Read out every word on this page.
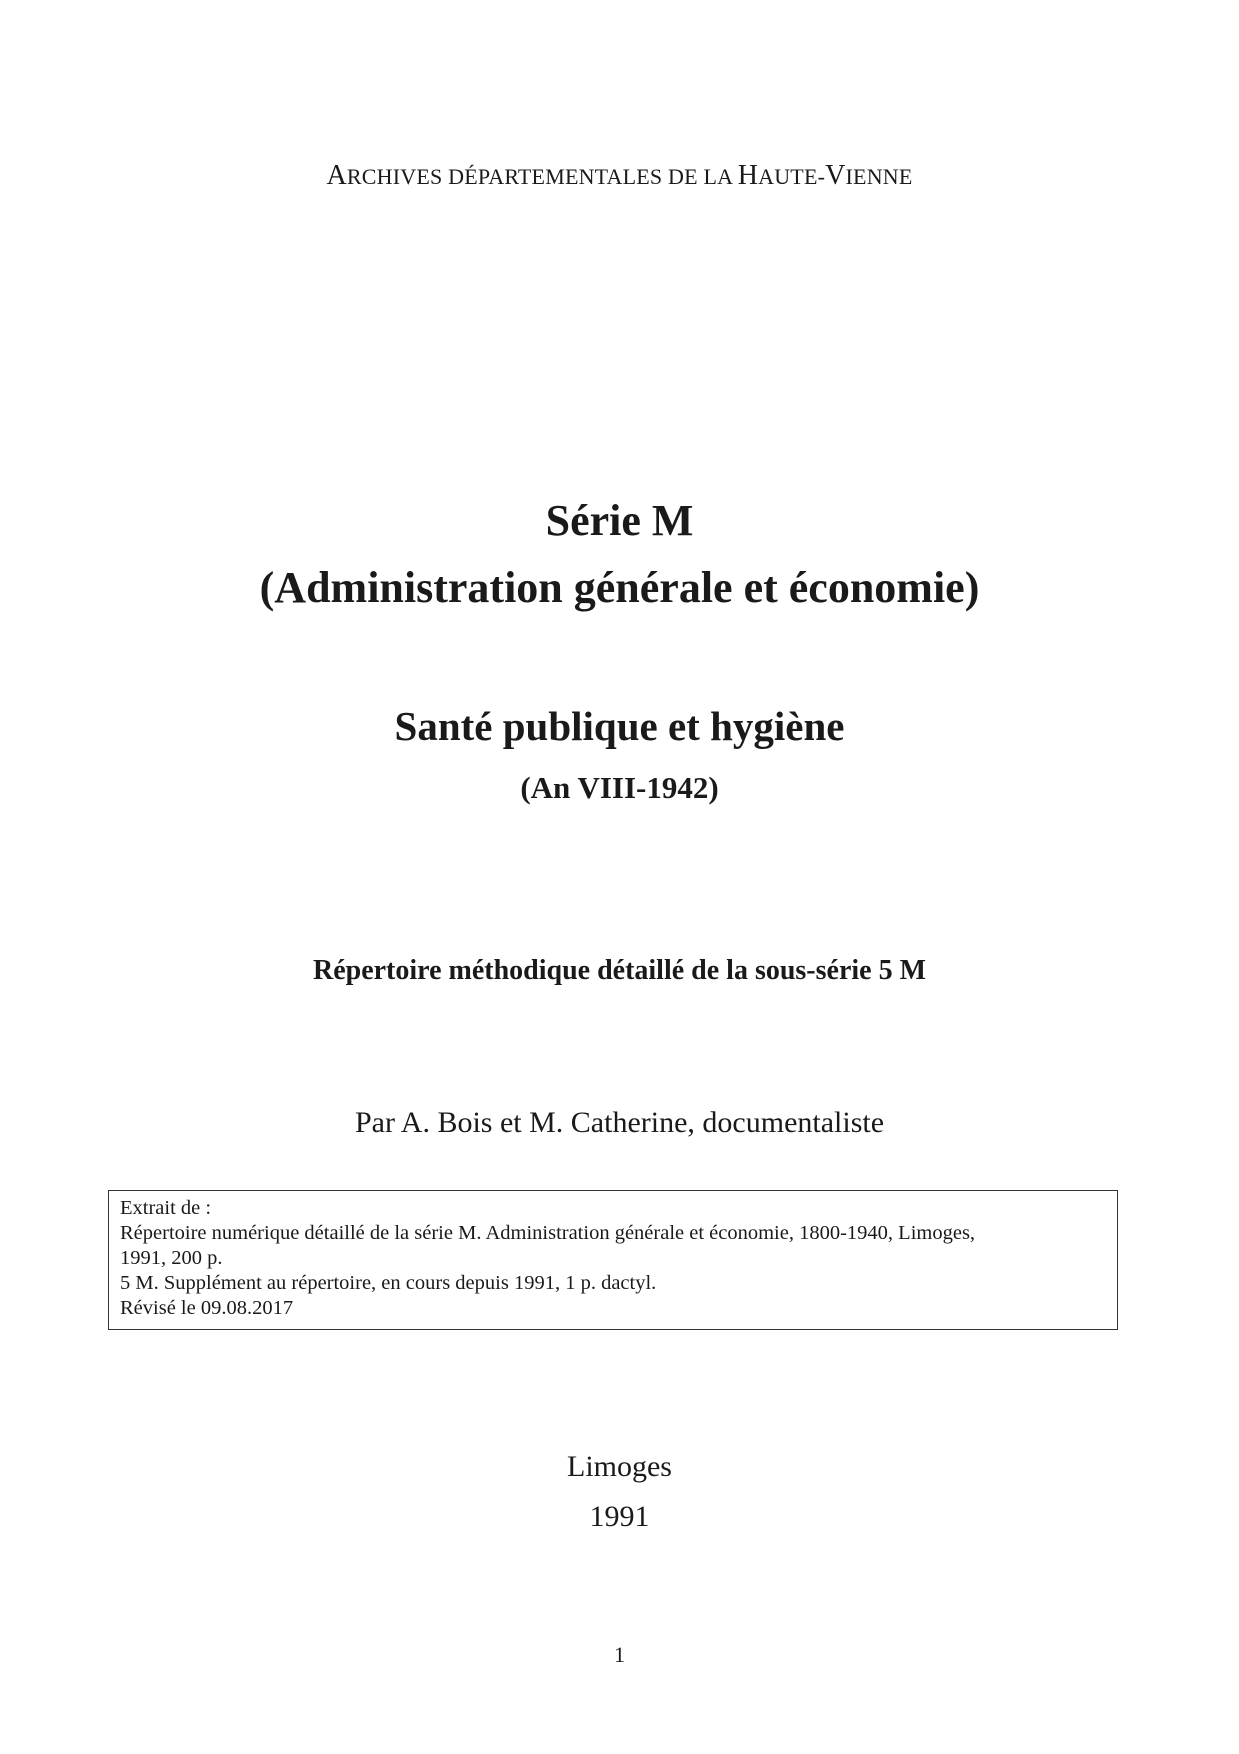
ARCHIVES DÉPARTEMENTALES DE LA HAUTE-VIENNE
Série M
(Administration générale et économie)
Santé publique et hygiène
(An VIII-1942)
Répertoire méthodique détaillé de la sous-série 5 M
Par A. Bois et M. Catherine, documentaliste
Extrait de :
Répertoire numérique détaillé de la série M. Administration générale et économie, 1800-1940, Limoges,
1991, 200 p.
5 M. Supplément au répertoire, en cours depuis 1991, 1 p. dactyl.
Révisé le 09.08.2017
Limoges
1991
1
